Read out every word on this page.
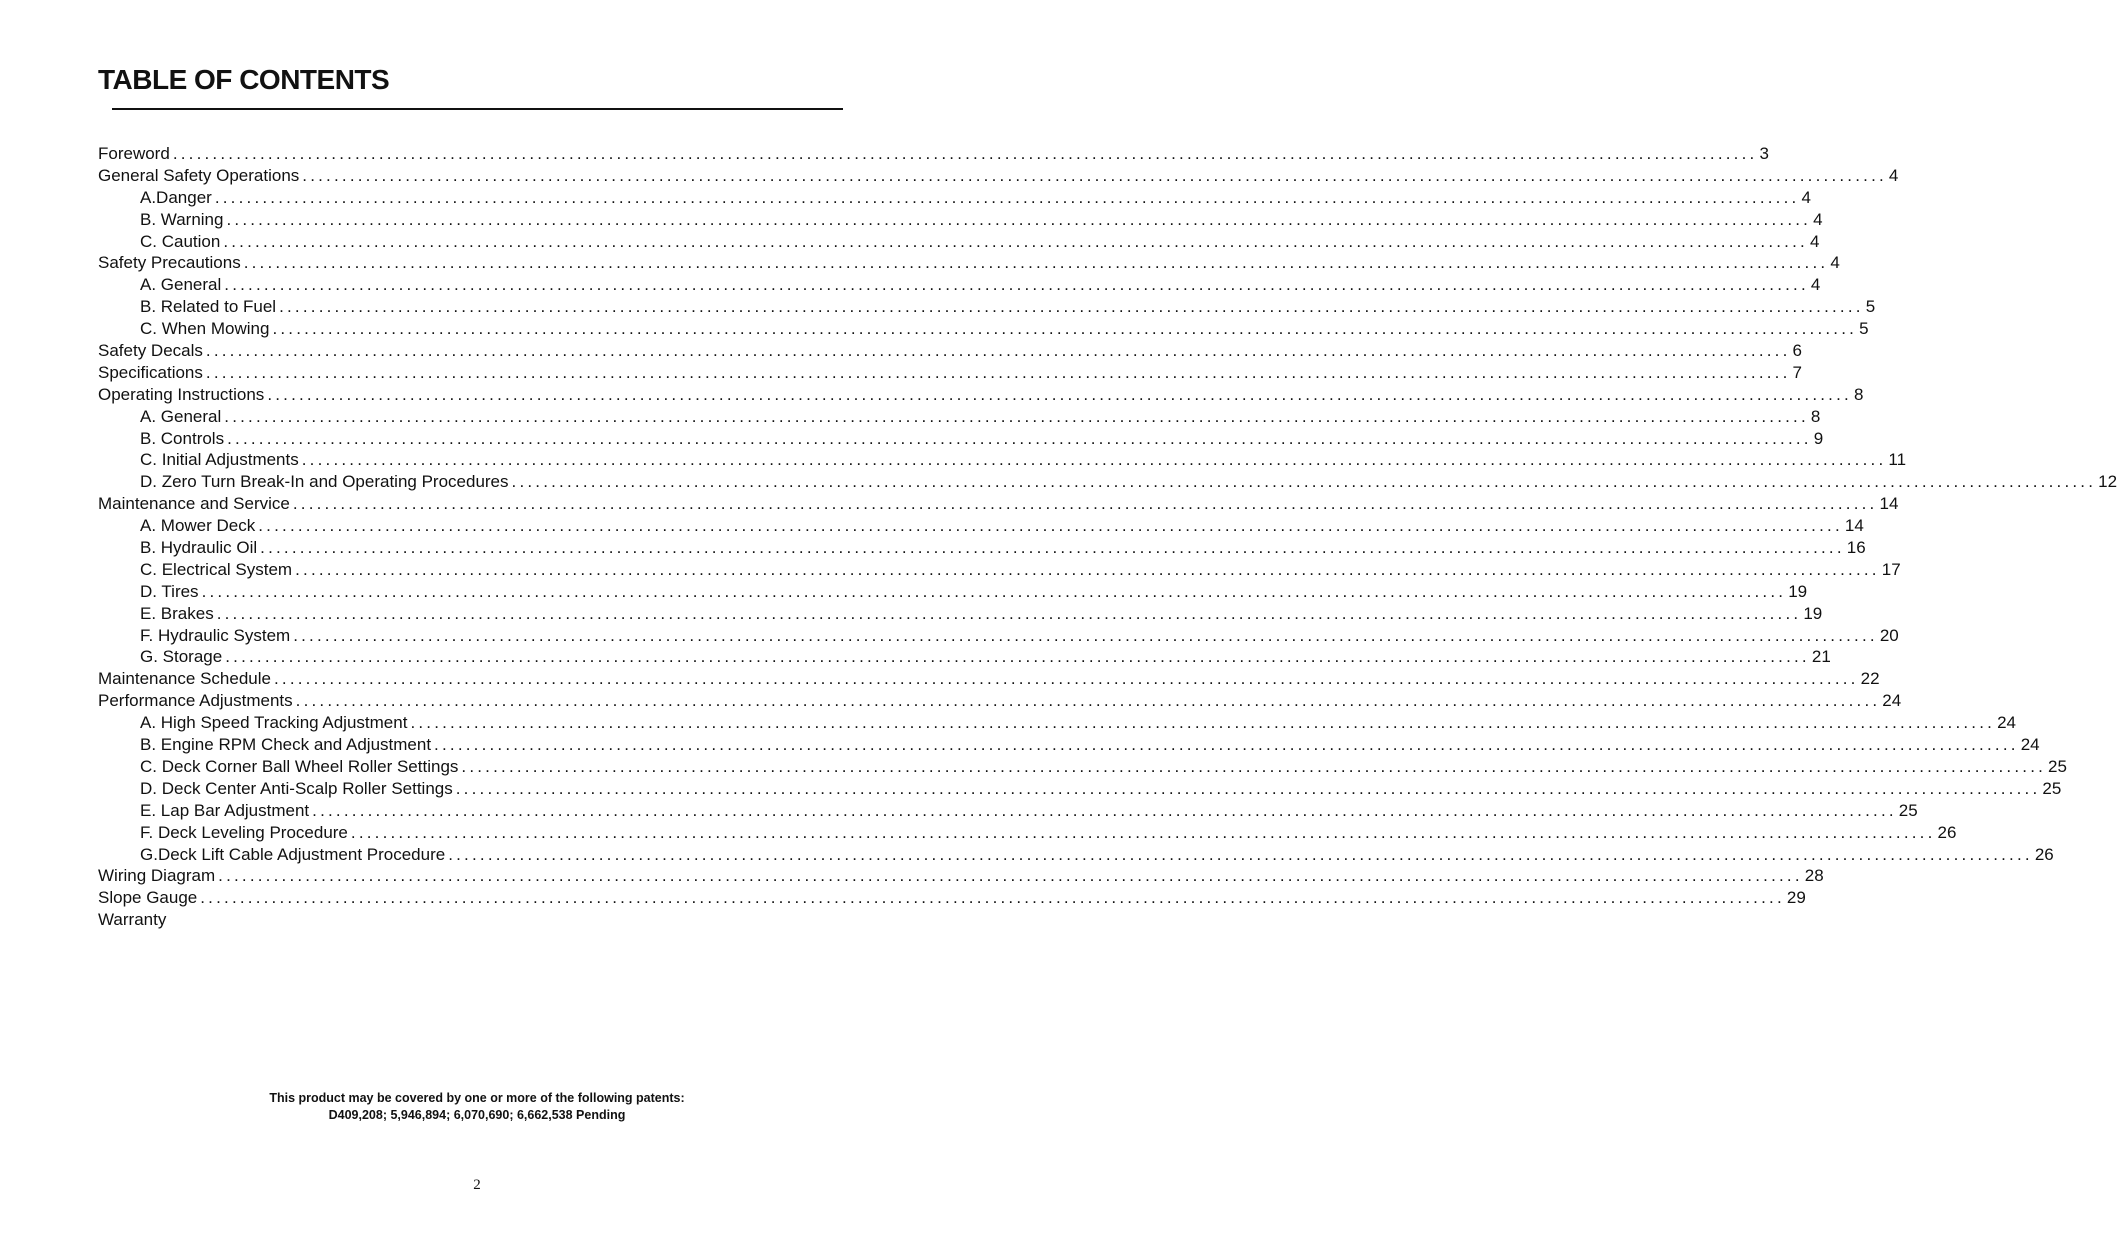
TABLE OF CONTENTS
Foreword ........................................................................................................................................................................................................ 3
General Safety Operations ........................................................................................................................................................................................................ 4
A.Danger ........................................................................................................................................................................................................ 4
B. Warning ........................................................................................................................................................................................................ 4
C. Caution ........................................................................................................................................................................................................ 4
Safety Precautions ........................................................................................................................................................................................................ 4
A. General ........................................................................................................................................................................................................ 4
B. Related to Fuel ........................................................................................................................................................................................................ 5
C. When Mowing ........................................................................................................................................................................................................ 5
Safety Decals ........................................................................................................................................................................................................ 6
Specifications ........................................................................................................................................................................................................ 7
Operating Instructions ........................................................................................................................................................................................................ 8
A. General ........................................................................................................................................................................................................ 8
B. Controls ........................................................................................................................................................................................................ 9
C. Initial Adjustments ........................................................................................................................................................................................................ 11
D. Zero Turn Break-In and Operating Procedures ........................................................................................................................................................................................................ 12
Maintenance and Service ........................................................................................................................................................................................................ 14
A. Mower Deck ........................................................................................................................................................................................................ 14
B. Hydraulic Oil ........................................................................................................................................................................................................ 16
C. Electrical System ........................................................................................................................................................................................................ 17
D. Tires ........................................................................................................................................................................................................ 19
E. Brakes ........................................................................................................................................................................................................ 19
F. Hydraulic System ........................................................................................................................................................................................................ 20
G. Storage ........................................................................................................................................................................................................ 21
Maintenance Schedule ........................................................................................................................................................................................................ 22
Performance Adjustments ........................................................................................................................................................................................................ 24
A. High Speed Tracking Adjustment ........................................................................................................................................................................................................ 24
B. Engine RPM Check and Adjustment ........................................................................................................................................................................................................ 24
C. Deck Corner Ball Wheel Roller Settings ........................................................................................................................................................................................................ 25
D. Deck Center Anti-Scalp Roller Settings ........................................................................................................................................................................................................ 25
E. Lap Bar Adjustment ........................................................................................................................................................................................................ 25
F. Deck Leveling Procedure ........................................................................................................................................................................................................ 26
G.Deck Lift Cable Adjustment Procedure ........................................................................................................................................................................................................ 26
Wiring Diagram ........................................................................................................................................................................................................ 28
Slope Gauge ........................................................................................................................................................................................................ 29
Warranty
This product may be covered by one or more of the following patents:
D409,208; 5,946,894; 6,070,690; 6,662,538 Pending
2
